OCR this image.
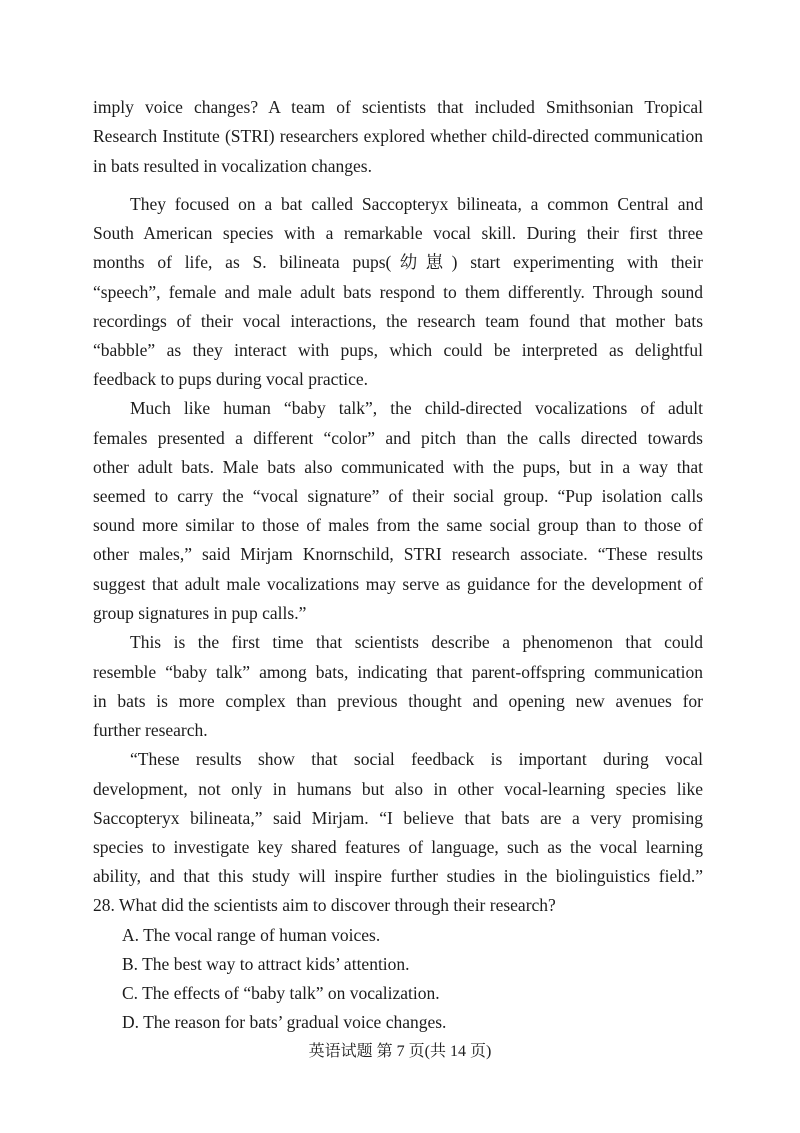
imply voice changes? A team of scientists that included Smithsonian Tropical
Research Institute (STRI) researchers explored whether child-directed communication
in bats resulted in vocalization changes.
They focused on a bat called Saccopteryx bilineata, a common Central and
South American species with a remarkable vocal skill. During their first three
months of life, as S. bilineata pups(幼崽) start experimenting with their
“speech”, female and male adult bats respond to them differently. Through sound
recordings of their vocal interactions, the research team found that mother bats
“babble” as they interact with pups, which could be interpreted as delightful
feedback to pups during vocal practice.
Much like human “baby talk”, the child-directed vocalizations of adult
females presented a different “color” and pitch than the calls directed towards
other adult bats. Male bats also communicated with the pups, but in a way that
seemed to carry the “vocal signature” of their social group. “Pup isolation calls
sound more similar to those of males from the same social group than to those of
other males,” said Mirjam Knornschild, STRI research associate. “These results
suggest that adult male vocalizations may serve as guidance for the development of
group signatures in pup calls.”
This is the first time that scientists describe a phenomenon that could
resemble “baby talk” among bats, indicating that parent-offspring communication
in bats is more complex than previous thought and opening new avenues for
further research.
“These results show that social feedback is important during vocal
development, not only in humans but also in other vocal-learning species like
Saccopteryx bilineata,” said Mirjam. “I believe that bats are a very promising
species to investigate key shared features of language, such as the vocal learning
ability, and that this study will inspire further studies in the biolinguistics field.”
28. What did the scientists aim to discover through their research?
A. The vocal range of human voices.
B. The best way to attract kids’ attention.
C. The effects of “baby talk” on vocalization.
D. The reason for bats’ gradual voice changes.
英语试题 第 7 页(共 14 页)
